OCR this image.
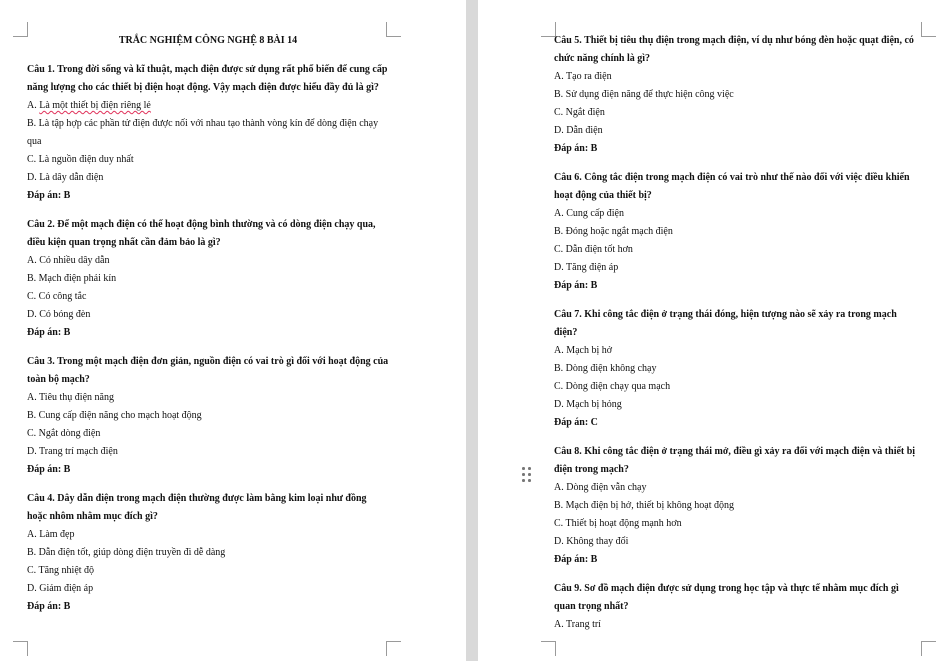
TRẮC NGHIỆM CÔNG NGHỆ 8 BÀI 14
Câu 1. Trong đời sống và kĩ thuật, mạch điện được sử dụng rất phổ biến để cung cấp năng lượng cho các thiết bị điện hoạt động. Vậy mạch điện được hiểu đầy đủ là gì?
A. Là một thiết bị điện riêng lẻ
B. Là tập hợp các phần tử điện được nối với nhau tạo thành vòng kín để dòng điện chạy qua
C. Là nguồn điện duy nhất
D. Là dây dẫn điện
Đáp án: B
Câu 2. Để một mạch điện có thể hoạt động bình thường và có dòng điện chạy qua, điều kiện quan trọng nhất cần đảm bảo là gì?
A. Có nhiều dây dẫn
B. Mạch điện phải kín
C. Có công tắc
D. Có bóng đèn
Đáp án: B
Câu 3. Trong một mạch điện đơn giản, nguồn điện có vai trò gì đối với hoạt động của toàn bộ mạch?
A. Tiêu thụ điện năng
B. Cung cấp điện năng cho mạch hoạt động
C. Ngắt dòng điện
D. Trang trí mạch điện
Đáp án: B
Câu 4. Dây dẫn điện trong mạch điện thường được làm bằng kim loại như đồng hoặc nhôm nhằm mục đích gì?
A. Làm đẹp
B. Dẫn điện tốt, giúp dòng điện truyền đi dễ dàng
C. Tăng nhiệt độ
D. Giảm điện áp
Đáp án: B
Câu 5. Thiết bị tiêu thụ điện trong mạch điện, ví dụ như bóng đèn hoặc quạt điện, có chức năng chính là gì?
A. Tạo ra điện
B. Sử dụng điện năng để thực hiện công việc
C. Ngắt điện
D. Dẫn điện
Đáp án: B
Câu 6. Công tắc điện trong mạch điện có vai trò như thế nào đối với việc điều khiển hoạt động của thiết bị?
A. Cung cấp điện
B. Đóng hoặc ngắt mạch điện
C. Dẫn điện tốt hơn
D. Tăng điện áp
Đáp án: B
Câu 7. Khi công tắc điện ở trạng thái đóng, hiện tượng nào sẽ xảy ra trong mạch điện?
A. Mạch bị hở
B. Dòng điện không chạy
C. Dòng điện chạy qua mạch
D. Mạch bị hỏng
Đáp án: C
Câu 8. Khi công tắc điện ở trạng thái mở, điều gì xảy ra đối với mạch điện và thiết bị điện trong mạch?
A. Dòng điện vẫn chạy
B. Mạch điện bị hở, thiết bị không hoạt động
C. Thiết bị hoạt động mạnh hơn
D. Không thay đổi
Đáp án: B
Câu 9. Sơ đồ mạch điện được sử dụng trong học tập và thực tế nhằm mục đích gì quan trọng nhất?
A. Trang trí
